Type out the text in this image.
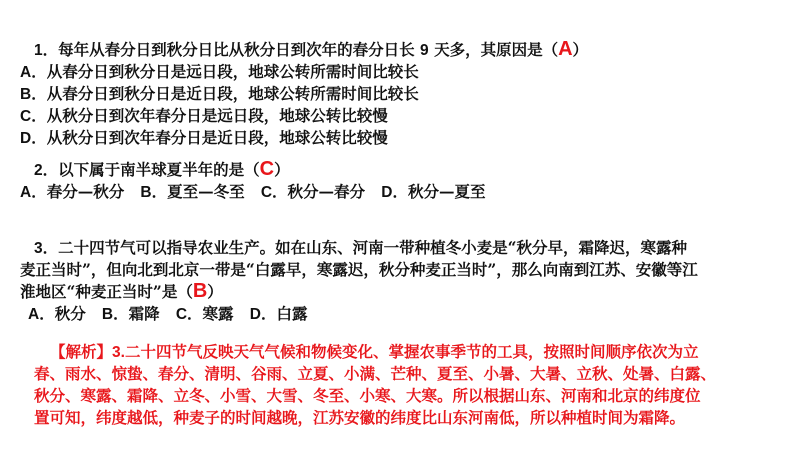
1．每年从春分日到秋分日比从秋分日到次年的春分日长 9 天多，其原因是（A）
A．从春分日到秋分日是远日段，地球公转所需时间比较长
B．从春分日到秋分日是近日段，地球公转所需时间比较长
C．从秋分日到次年春分日是远日段，地球公转比较慢
D．从秋分日到次年春分日是近日段，地球公转比较慢
2．以下属于南半球夏半年的是（C）
A．春分—秋分 B．夏至—冬至 C．秋分—春分 D．秋分—夏至
3．二十四节气可以指导农业生产。如在山东、河南一带种植冬小麦是“秋分早，霜降迟，寒露种
麦正当时”，但向北到北京一带是“白露早，寒露迟，秋分种麦正当时”，那么向南到江苏、安徽等江
淮地区“种麦正当时”是（B）
A．秋分 B．霜降 C．寒露 D．白露
【解析】3.二十四节气反映天气气候和物候变化、掌握农事季节的工具，按照时间顺序依次为立
春、雨水、惊蛰、春分、清明、谷雨、立夏、小满、芒种、夏至、小暑、大暑、立秋、处暑、白露、
秋分、寒露、霜降、立冬、小雪、大雪、冬至、小寒、大寒。所以根据山东、河南和北京的纬度位
置可知，纬度越低，种麦子的时间越晚，江苏安徽的纬度比山东河南低，所以种植时间为霜降。
